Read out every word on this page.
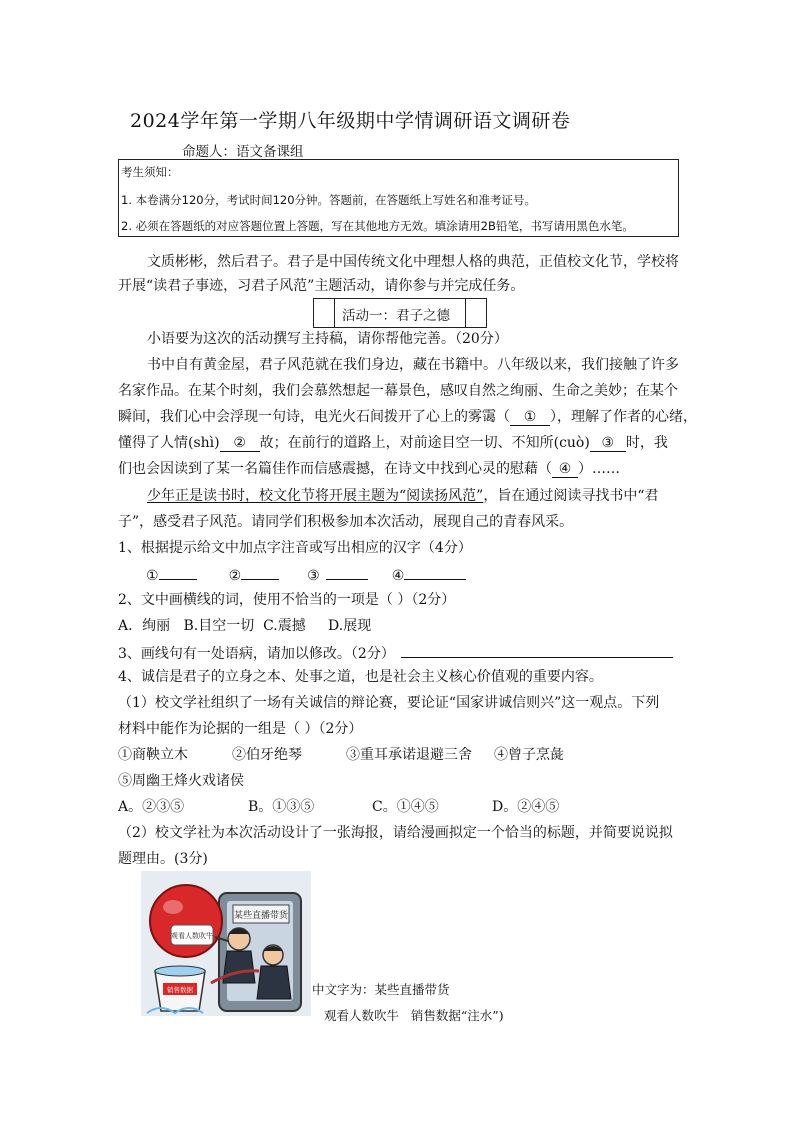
2024学年第一学期八年级期中学情调研语文调研卷
命题人：语文备课组
考生须知：
1. 本卷满分120分，考试时间120分钟。答题前，在答题纸上写姓名和准考证号。
2. 必须在答题纸的对应答题位置上答题，写在其他地方无效。填涂请用2B铅笔，书写请用黑色水笔。
文质彬彬，然后君子。君子是中国传统文化中理想人格的典范，正值校文化节，学校将
开展“读君子事迹，习君子风范”主题活动，请你参与并完成任务。
活动一：君子之德
小语要为这次的活动撰写主持稿，请你帮他完善。（20分）
书中自有黄金屋，君子风范就在我们身边，藏在书籍中。八年级以来，我们接触了许多
名家作品。在某个时刻，我们会慕然想起一幕景色，感叹自然之绚丽、生命之美妙；在某个
瞬间，我们心中会浮现一句诗，电光火石间拨开了心上的雾霭（ ① ），理解了作者的心绪，
懂得了人情(shì) ② 故；在前行的道路上，对前途目空一切、不知所(cuò) ③ 时，我
们也会因读到了某一名篇佳作而信感震撼，在诗文中找到心灵的慰藉（ ④ ）……
少年正是读书时，校文化节将开展主题为“阅读扬风范”，旨在通过阅读寻找书中“君
子”，感受君子风范。请同学们积极参加本次活动，展现自己的青春风采。
1、根据提示给文中加点字注音或写出相应的汉字（4分）
①	②	③	④
2、文中画横线的词，使用不恰当的一项是（ ）（2分）
A．绚丽   B.目空一切  C.震撼     D.展现
3、画线句有一处语病，请加以修改。（2分）
4、诚信是君子的立身之本、处事之道，也是社会主义核心价值观的重要内容。
（1）校文学社组织了一场有关诚信的辩论赛，要论证“国家讲诚信则兴”这一观点。下列
材料中能作为论据的一组是（ ）（2分）
①商鞅立木	②伯牙绝琴	③重耳承诺退避三舍 ④曾子烹彘
⑤周幽王烽火戏诸侯
A。②③⑤	B。①③⑤	C。①④⑤	D。②④⑤
（2）校文学社为本次活动设计了一张海报，请给漫画拟定一个恰当的标题，并简要说说拟
题理由。(3分)
某些直播带货
观看人数吹牛
销售数据	中文字为：某些直播带货
观看人数吹牛   销售数据“注水”)
